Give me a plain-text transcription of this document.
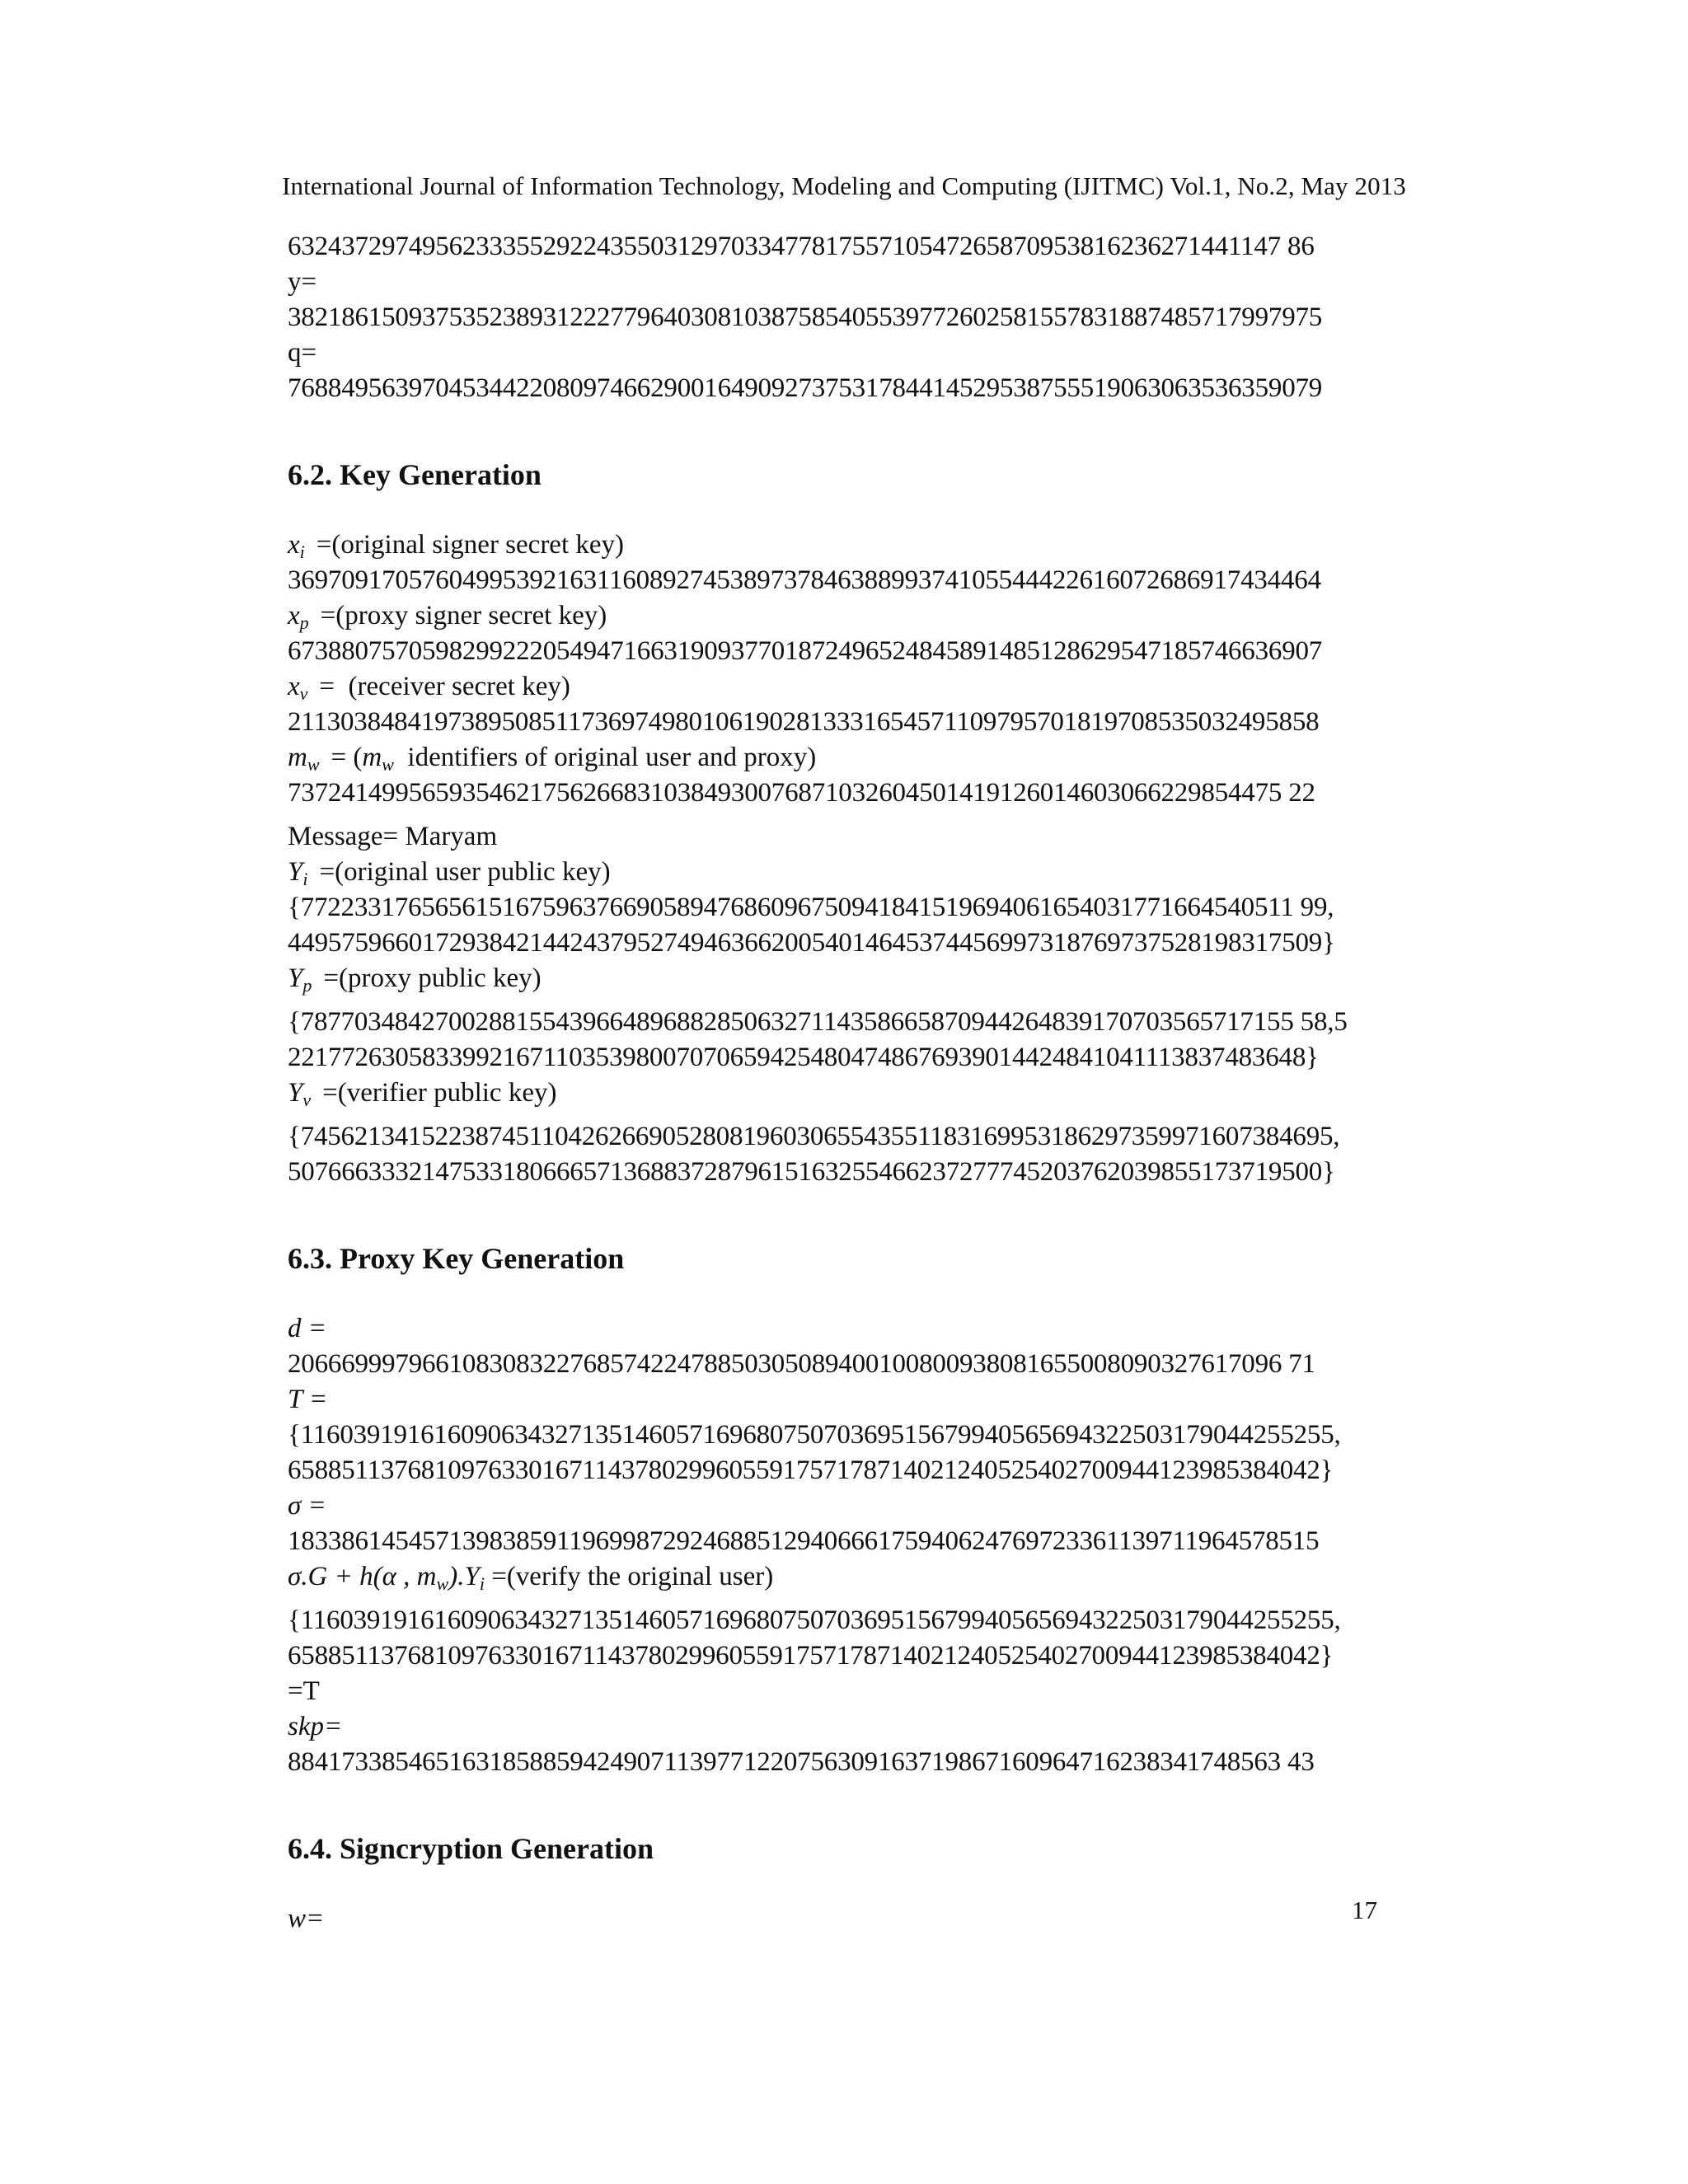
International Journal of Information Technology, Modeling and Computing (IJITMC) Vol.1, No.2, May 2013
63243729749562333552922435503129703347781755710547265870953816236271441147 86
y=
38218615093753523893122277964030810387585405539772602581557831887485717997975
q=
76884956397045344220809746629001649092737531784414529538755519063063536359079
6.2. Key Generation
$x_i$ =(original signer secret key)
36970917057604995392163116089274538973784638899374105544422616072686917434464
$x_p$ =(proxy signer secret key)
67388075705982992220549471663190937701872496524845891485128629547185746636907
$x_v$ =  (receiver secret key)
21130384841973895085117369749801061902813331654571109795701819708535032495858
$m_w = (m_w$ identifiers of original user and proxy)
73724149956593546217562668310384930076871032604501419126014603066229854475 22
Message= Maryam
$Y_i$ =(original user public key)
{77223317656561516759637669058947686096750941841519694061654031771664540511 99,
44957596601729384214424379527494636620054014645374456997318769737528198317509}
$Y_p$ =(proxy public key)
{78770348427002881554396648968828506327114358665870944264839170703565717155 58,5
2217726305833992167110353980070706594254804748676939014424841041113837483648}
$Y_v$ =(verifier public key)
{74562134152238745110426266905280819603065543551183169953186297359971607384695,
50766633321475331806665713688372879615163255466237277745203762039855173719500}
6.3. Proxy Key Generation
d =
20666999796610830832276857422478850305089400100800938081655008090327617096 71
T =
{11603919161609063432713514605716968075070369515679940565694322503179044255255,
65885113768109763301671143780299605591757178714021240525402700944123985384042}
σ =
18338614545713983859119699872924688512940666175940624769723361139711964578515
σ.G + h(α , $m_w).Y_i$ =(verify the original user)
{11603919161609063432713514605716968075070369515679940565694322503179044255255,
65885113768109763301671143780299605591757178714021240525402700944123985384042}
=T
skp=
88417338546516318588594249071139771220756309163719867160964716238341748563 43
6.4. Signcryption Generation
w=	17
